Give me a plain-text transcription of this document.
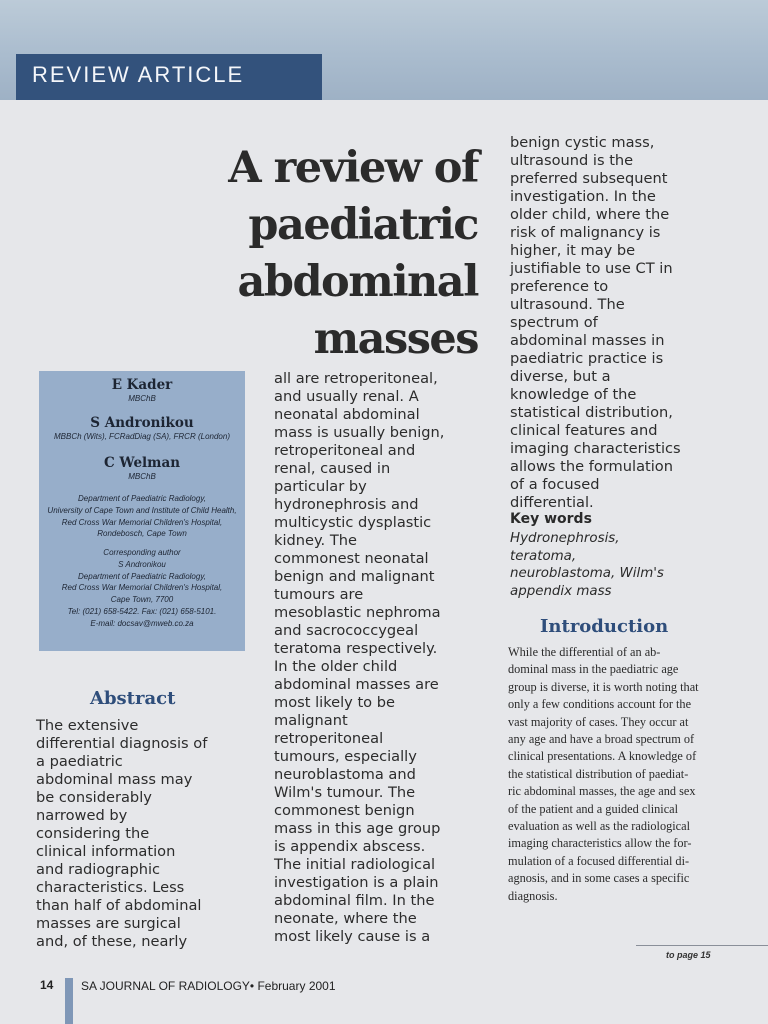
REVIEW ARTICLE
A review of
paediatric
abdominal
masses
E Kader
MBChB
S Andronikou
MBBCh (Wits), FCRadDiag (SA), FRCR (London)
C Welman
MBChB
Department of Paediatric Radiology,
University of Cape Town and Institute of Child Health,
Red Cross War Memorial Children's Hospital,
Rondebosch, Cape Town
Corresponding author
S Andronikou
Department of Paediatric Radiology,
Red Cross War Memorial Children's Hospital,
Cape Town, 7700
Tel: (021) 658-5422. Fax: (021) 658-5101.
E-mail: docsav@mweb.co.za
Abstract
The extensive
differential diagnosis of
a paediatric
abdominal mass may
be considerably
narrowed by
considering the
clinical information
and radiographic
characteristics. Less
than half of abdominal
masses are surgical
and, of these, nearly
all are retroperitoneal,
and usually renal. A
neonatal abdominal
mass is usually benign,
retroperitoneal and
renal, caused in
particular by
hydronephrosis and
multicystic dysplastic
kidney. The
commonest neonatal
benign and malignant
tumours are
mesoblastic nephroma
and sacrococcygeal
teratoma respectively.
In the older child
abdominal masses are
most likely to be
malignant
retroperitoneal
tumours, especially
neuroblastoma and
Wilm's tumour. The
commonest benign
mass in this age group
is appendix abscess.
The initial radiological
investigation is a plain
abdominal film. In the
neonate, where the
most likely cause is a
benign cystic mass,
ultrasound is the
preferred subsequent
investigation. In the
older child, where the
risk of malignancy is
higher, it may be
justifiable to use CT in
preference to
ultrasound. The
spectrum of
abdominal masses in
paediatric practice is
diverse, but a
knowledge of the
statistical distribution,
clinical features and
imaging characteristics
allows the formulation
of a focused
differential.
Key words
Hydronephrosis,
teratoma,
neuroblastoma, Wilm's
appendix mass
Introduction
While the differential of an ab-
dominal mass in the paediatric age
group is diverse, it is worth noting that
only a few conditions account for the
vast majority of cases. They occur at
any age and have a broad spectrum of
clinical presentations. A knowledge of
the statistical distribution of paediat-
ric abdominal masses, the age and sex
of the patient and a guided clinical
evaluation as well as the radiological
imaging characteristics allow the for-
mulation of a focused differential di-
agnosis, and in some cases a specific
diagnosis.
to page 15
14 SA JOURNAL OF RADIOLOGY• February 2001
